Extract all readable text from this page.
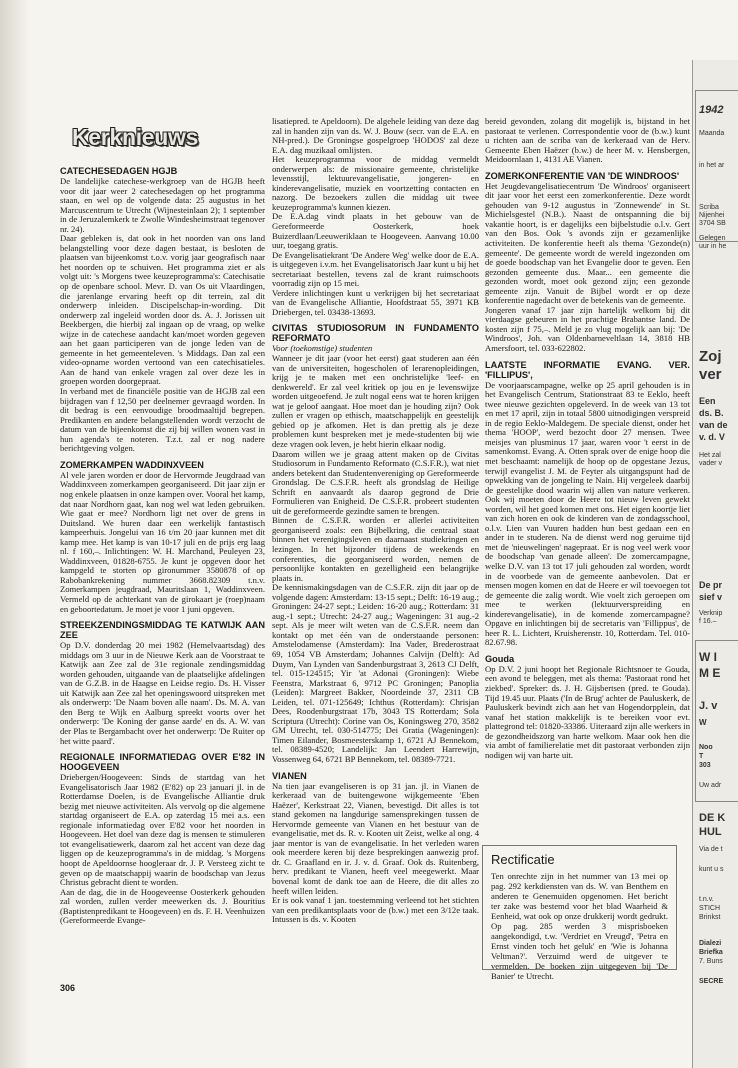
Kerknieuws
CATECHESEDAGEN HGJB

De landelijke catechese-werkgroep van de HGJB heeft voor dit jaar weer 2 catechesedagen op het programma staan, en wel op de volgende data: 25 augustus in het Marcuscentrum te Utrecht (Wijnesteinlaan 2); 1 september in de Jeruzalemkerk te Zwolle Windesheimstraat tegenover nr. 24).

Daar gebleken is, dat ook in het noorden van ons land belangstelling voor deze dagen bestaat, is besloten de plaatsen van bijeenkomst t.o.v. vorig jaar geografisch naar het noorden op te schuiven. Het programma ziet er als volgt uit: 's Morgens twee keuzeprogramma's: Catechisatie op de openbare school. Mevr. D. van Os uit Vlaardingen, die jarenlange ervaring heeft op dit terrein, zal dit onderwerp inleiden. Discipelschap-in-wording. Dit onderwerp zal ingeleid worden door ds. A. J. Jorissen uit Beekbergen, die hierbij zal ingaan op de vraag, op welke wijze in de catechese aandacht kan/moet worden gegeven aan het gaan participeren van de jonge leden van de gemeente in het gemeenteleven. 's Middags. Dan zal een video-opname worden vertoond van een catechisatieles. Aan de hand van enkele vragen zal over deze les in groepen worden doorgepraat.

In verband met de financiële positie van de HGJB zal een bijdragen van f 12,50 per deelnemer gevraagd worden. In dit bedrag is een eenvoudige broodmaaltijd begrepen. Predikanten en andere belangstellenden wordt verzocht de datum van de bijeenkomst die zij bij willen wonen vast in hun agenda's te noteren. T.z.t. zal er nog nadere berichtgeving volgen.

ZOMERKAMPEN WADDINXVEEN

Al vele jaren worden er door de Hervormde Jeugdraad van Waddinxveen zomerkampen georganiseerd. Dit jaar zijn er nog enkele plaatsen in onze kampen over. Vooral het kamp, dat naar Nordhorn gaat, kan nog wel wat leden gebruiken. Wie gaat er mee? Nordhorn ligt net over de grens in Duitsland. We huren daar een werkelijk fantastisch kampeerhuis. Jongelui van 16 t/m 20 jaar kunnen met dit kamp mee. Het kamp is van 10-17 juli en de prijs erg laag nl. f 160,–. Inlichtingen: W. H. Marchand, Peuleyen 23, Waddinxveen, 01828-6755. Je kunt je opgeven door het kampgeld te storten op gironummer 3580878 of op Rabobankrekening nummer 3668.82309 t.n.v. Zomerkampen jeugdraad, Mauritslaan 1, Waddinxveen. Vermeld op de achterkant van de girokaart je (roep)naam en geboortedatum. Je moet je voor 1 juni opgeven.

STREEKZENDINGSMIDDAG TE KATWIJK AAN ZEE

Op D.V. donderdag 20 mei 1982 (Hemelvaartsdag) des middags om 3 uur in de Nieuwe Kerk aan de Voorstraat te Katwijk aan Zee zal de 31e regionale zendingsmiddag worden gehouden, uitgaande van de plaatselijke afdelingen van de G.Z.B. in de Haagse en Leidse regio. Ds. H. Visser uit Katwijk aan Zee zal het openingswoord uitspreken met als onderwerp: 'De Naam boven alle naam'. Ds. M. A. van den Berg te Wijk en Aalburg spreekt voorts over het onderwerp: 'De Koning der ganse aarde' en ds. A. W. van der Plas te Bergambacht over het onderwerp: 'De Ruiter op het witte paard'.

REGIONALE INFORMATIEDAG OVER E'82 IN HOOGEVEEN

Driebergen/Hoogeveen: Sinds de startdag van het Evangelisatorisch Jaar 1982 (E'82) op 23 januari jl. in de Rotterdamse Doelen, is de Evangelische Alliantie druk bezig met nieuwe activiteiten. Als vervolg op die algemene startdag organiseert de E.A. op zaterdag 15 mei a.s. een regionale informatiedag over E'82 voor het noorden in Hoogeveen. Het doel van deze dag is mensen te stimuleren tot evangelisatiewerk, daarom zal het accent van deze dag liggen op de keuzeprogramma's in de middag. 's Morgens hoopt de Apeldoornse hoogleraar dr. J. P. Versteeg zicht te geven op de maatschappij waarin de boodschap van Jezus Christus gebracht dient te worden.

Aan de dag, die in de Hoogeveense Oosterkerk gehouden zal worden, zullen verder meewerken ds. J. Bouritius (Baptistenpredikant te Hoogeveen) en ds. F. H. Veenhuizen (Gereformeerde Evange-

lisatiepred. te Apeldoorn). De algehele leiding van deze dag zal in handen zijn van ds. W. J. Bouw (secr. van de E.A. en NH-pred.). De Groningse gospelgroep 'HODOS' zal deze E.A. dag muzikaal omlijsten.

Het keuzeprogramma voor de middag vermeldt onderwerpen als: de missionaire gemeente, christelijke levensstijl, lektuurevangelisatie, jongeren- en kinderevangelisatie, muziek en voortzetting contacten en nazorg. De bezoekers zullen die middag uit twee keuzeprogramma's kunnen kiezen.

De E.A.dag vindt plaats in het gebouw van de Gereformeerde Oosterkerk, hoek Buizerdlaan/Leeuweriklaan te Hoogeveen. Aanvang 10.00 uur, toegang gratis.

De Evangelisatiekrant 'De Andere Weg' welke door de E.A. is uitgegeven i.v.m. het Evangelisatorisch Jaar kunt u bij het secretariaat bestellen, tevens zal de krant ruimschoots voorradig zijn op 15 mei.

Verdere inlichtingen kunt u verkrijgen bij het secretariaat van de Evangelische Alliantie, Hoofdstraat 55, 3971 KB Driebergen, tel. 03438-13693.

CIVITAS STUDIOSORUM IN FUNDAMENTO REFORMATO
Voor (toekomstige) studenten

Wanneer je dit jaar (voor het eerst) gaat studeren aan één van de universiteiten, hogescholen of lerarenopleidingen, krijg je te maken met een onchristelijke 'leef- en denkwereld'. Er zal veel kritiek op jou en je levenswijze worden uitgeoefend. Je zult nogal eens wat te horen krijgen wat je geloof aangaat. Hoe moet dan je houding zijn? Ook zullen er vragen op ethisch, maatschappelijk en geestelijk gebied op je afkomen. Het is dan prettig als je deze problemen kunt bespreken met je mede-studenten bij wie deze vragen ook leven, je hebt hierin elkaar nodig.

Daarom willen we je graag attent maken op de Civitas Studiosorum in Fundamento Reformato (C.S.F.R.), wat niet anders betekent dan Studentenvereniging op Gereformeerde Grondslag. De C.S.F.R. heeft als grondslag de Heilige Schrift en aanvaardt als daarop gegrond de Drie Formulieren van Enigheid. De C.S.F.R. probeert studenten uit de gereformeerde gezindte samen te brengen.

Binnen de C.S.F.R. worden er allerlei activiteiten georganiseerd zoals: een Bijbelkring, die centraal staat binnen het verenigingsleven en daarnaast studiekringen en lezingen. In het bijzonder tijdens de weekends en conferenties, die georganiseerd worden, nemen de persoonlijke kontakten en gezelligheid een belangrijke plaats in.

De kennismakingsdagen van de C.S.F.R. zijn dit jaar op de volgende dagen: Amsterdam: 13-15 sept.; Delft: 16-19 aug.; Groningen: 24-27 sept.; Leiden: 16-20 aug.; Rotterdam: 31 aug.-1 sept.; Utrecht: 24-27 aug.; Wageningen: 31 aug.-2 sept. Als je meer wilt weten van de C.S.F.R. neem dan kontakt op met één van de onderstaande personen: Amstelodamense (Amsterdam): Ina Vader, Brederostraat 69, 1054 VB Amsterdam; Johannes Calvijn (Delft): Ad Duym, Van Lynden van Sandenburgstraat 3, 2613 CJ Delft, tel. 015-124515; Yir 'at Adonai (Groningen): Wiebe Feenstra, Markstraat 6, 9712 PC Groningen; Panoplia (Leiden): Margreet Bakker, Noordeinde 37, 2311 CB Leiden, tel. 071-125649; Ichthus (Rotterdam): Chrisjan Dees, Roodenburgstraat 17b, 3043 TS Rotterdam; Sola Scriptura (Utrecht): Corine van Os, Koningsweg 270, 3582 GM Utrecht, tel. 030-514775; Dei Gratia (Wageningen): Timen Eilander, Bosmeesterskamp 1, 6721 AJ Bennekom, tel. 08389-4520; Landelijk: Jan Leendert Harrewijn, Vossenweg 64, 6721 BP Bennekom, tel. 08389-7721.

VIANEN

Na tien jaar evangeliseren is op 31 jan. jl. in Vianen de kerkeraad van de buitengewone wijkgemeente 'Eben Haëzer', Kerkstraat 22, Vianen, bevestigd. Dit alles is tot stand gekomen na langdurige samensprekingen tussen de Hervormde gemeente van Vianen en het bestuur van de evangelisatie, met ds. R. v. Kooten uit Zeist, welke al ong. 4 jaar mentor is van de evangelisatie. In het verleden waren ook meerdere keren bij deze besprekingen aanwezig prof. dr. C. Graafland en ir. J. v. d. Graaf. Ook ds. Ruitenberg, herv. predikant te Vianen, heeft veel meegewerkt. Maar bovenal komt de dank toe aan de Heere, die dit alles zo heeft willen leiden.

Er is ook vanaf 1 jan. toestemming verleend tot het stichten van een predikantsplaats voor de (b.w.) met een 3/12e taak. Intussen is ds. v. Kooten

bereid gevonden, zolang dit mogelijk is, bijstand in het pastoraat te verlenen. Correspondentie voor de (b.w.) kunt u richten aan de scriba van de kerkeraad van de Herv. Gemeente Eben Haëzer (b.w.) de heer M. v. Hensbergen, Meidoornlaan 1, 4131 AE Vianen.

ZOMERKONFERENTIE VAN 'DE WINDROOS'

Het Jeugdevangelisatiecentrum 'De Windroos' organiseert dit jaar voor het eerst een zomerkonferentie. Deze wordt gehouden van 9-12 augustus in 'Zonnewende' in St. Michielsgestel (N.B.). Naast de ontspanning die bij vakantie hoort, is er dagelijks een bijbelstudie o.l.v. Gert van den Bos. Ook 's avonds zijn er gezamenlijke activiteiten. De konferentie heeft als thema 'Gezonde(n) gemeente'. De gemeente wordt de wereld ingezonden om de goede boodschap van het Evangelie door te geven. Een gezonden gemeente dus. Maar... een gemeente die gezonden wordt, moet ook gezond zijn; een gezonde gemeente zijn. Vanuit de Bijbel wordt er op deze konferentie nagedacht over de betekenis van de gemeente.

Jongeren vanaf 17 jaar zijn hartelijk welkom bij dit vierdaagse gebeuren in het prachtige Brabantse land. De kosten zijn f 75,–. Meld je zo vlug mogelijk aan bij: 'De Windroos', Joh. van Oldenbarneveltlaan 14, 3818 HB Amersfoort, tel. 033-622802.

LAATSTE INFORMATIE EVANG. VER. 'FILLIPUS',

De voorjaarscampagne, welke op 25 april gehouden is in het Evangelisch Centrum, Stationstraat 83 te Eeklo, heeft twee nieuwe gezichten opgeleverd. In de week van 13 tot en met 17 april, zijn in totaal 5800 uitnodigingen verspreid in de regio Eeklo-Maldegem. De speciale dienst, onder het thema 'HOOP', werd bezocht door 27 mensen. Twee meisjes van plusminus 17 jaar, waren voor 't eerst in de samenkomst. Evang. A. Otten sprak over de enige hoop die met beschaamt: namelijk de hoop op de opgestane Jezus, terwijl evangelist J. M. de Feyter als uitgangspunt had de opwekking van de jongeling te Nain. Hij vergeleek daarbij de geestelijke dood waarin wij allen van nature verkeren. Ook wij moeten door de Heere tot nieuw leven gewekt worden, wil het goed komen met ons. Het eigen koortje liet van zich horen en ook de kinderen van de zondagsschool, o.l.v. Lien van Vuuren hadden hun best gedaan een en ander in te studeren. Na de dienst werd nog geruime tijd met de 'nieuwelingen' nagepraat. Er is nog veel werk voor de boodschap 'van genade alleen'. De zomercampagne, welke D.V. van 13 tot 17 juli gehouden zal worden, wordt in de voorbede van de gemeente aanbevolen. Dat er mensen mogen komen en dat de Heere er wil toevoegen tot de gemeente die zalig wordt. Wie voelt zich geroepen om mee te werken (lektuurverspreiding en kinderevangelisatie), in de komende zomercampagne? Opgave en inlichtingen bij de secretaris van 'Fillippus', de heer R. L. Lichtert, Kruisherenstr. 10, Rotterdam. Tel. 010-82.67.98.

Gouda

Op D.V. 2 juni hoopt het Regionale Richtsnoer te Gouda, een avond te beleggen, met als thema: 'Pastoraat rond het ziekbed'. Spreker: ds. J. H. Gijsbertsen (pred. te Gouda). Tijd 19.45 uur. Plaats ('In de Brug' achter de Pauluskerk, de Pauluskerk bevindt zich aan het van Hogendorpplein, dat vanaf het station makkelijk is te bereiken voor evt. plattegrond tel: 01820-33386. Uiteraard zijn alle werkers in de gezondheidszorg van harte welkom. Maar ook hen die via ambt of familierelatie met dit pastoraat verbonden zijn nodigen wij van harte uit.

Rectificatie

Ten onrechte zijn in het nummer van 13 mei op pag. 292 kerkdiensten van ds. W. van Benthem en anderen te Genemuiden opgenomen. Het bericht ter zake was bestemd voor het blad Waarheid & Eenheid, wat ook op onze drukkerij wordt gedrukt. Op pag. 285 werden 3 misprisboeken aangekondigd, t.w. 'Verdriet en Vreugd', 'Petra en Ernst vinden toch het geluk' en 'Wie is Johanna Veltman?'. Verzuimd werd de uitgever te vermelden. De boeken zijn uitgegeven bij 'De Banier' te Utrecht.

306
1942
Maanda
in het ar
Scriba
Nijenhei
3704 SB
Gelegen
uur in he
Zoj
ver
Een
ds. B.
van de
v. d. V
Het zal
vader v
De pr
sief v
Verknip
f 16.–
W I
M E
J. v
W
Noo
T
303
Uw adr
DE K
HUL
Via de t
kunt u s
t.n.v.
STICH
Brinkst
Dialezi
Briefka
7. Buns
SECRE
